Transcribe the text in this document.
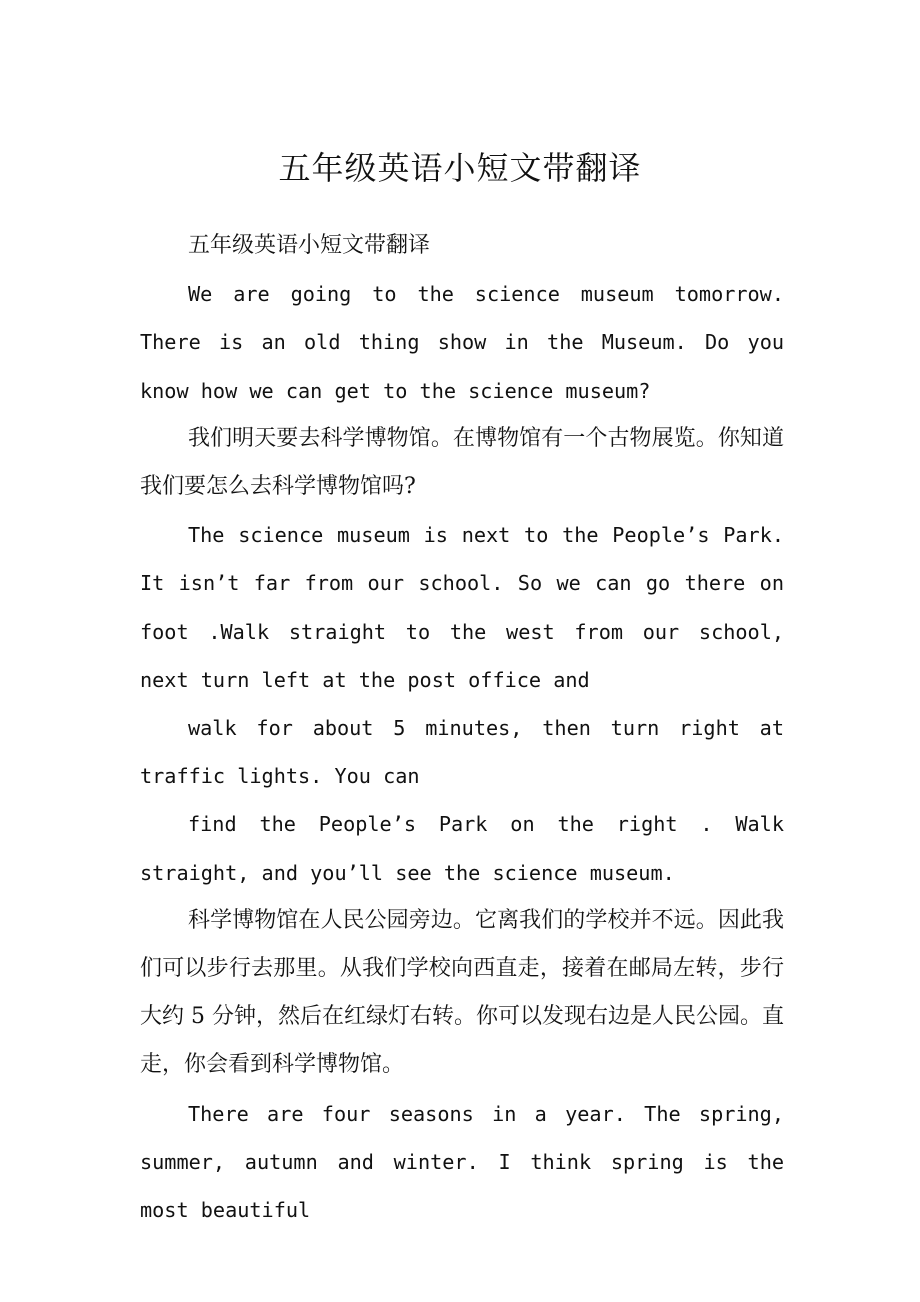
五年级英语小短文带翻译

五年级英语小短文带翻译

We are going to the science museum tomorrow. There is an old thing show in the Museum. Do you know how we can get to the science museum?

我们明天要去科学博物馆。在博物馆有一个古物展览。你知道我们要怎么去科学博物馆吗?

The science museum is next to the People’s Park. It isn’t far from our school. So we can go there on foot .Walk straight to the west from our school, next turn left at the post office and

walk for about 5 minutes, then turn right at traffic lights. You can

find the People’s Park on the right . Walk straight, and you’ll see the science museum.

科学博物馆在人民公园旁边。它离我们的学校并不远。因此我们可以步行去那里。从我们学校向西直走，接着在邮局左转，步行大约 5 分钟，然后在红绿灯右转。你可以发现右边是人民公园。直走，你会看到科学博物馆。

There are four seasons in a year. The spring, summer, autumn and winter. I think spring is the most beautiful
